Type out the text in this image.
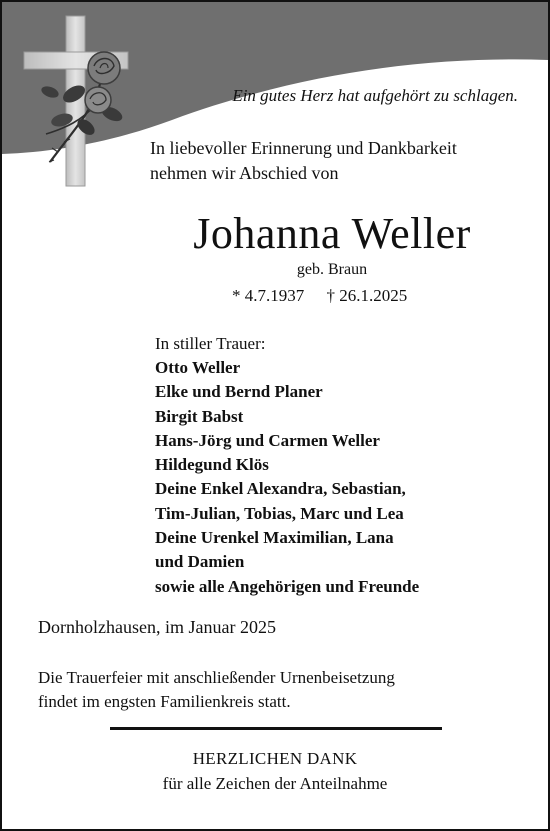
Ein gutes Herz hat aufgehört zu schlagen.
In liebevoller Erinnerung und Dankbarkeit
nehmen wir Abschied von
Johanna Weller
geb. Braun
* 4.7.1937 † 26.1.2025
In stiller Trauer:
Otto Weller
Elke und Bernd Planer
Birgit Babst
Hans-Jörg und Carmen Weller
Hildegund Klös
Deine Enkel Alexandra, Sebastian,
Tim-Julian, Tobias, Marc und Lea
Deine Urenkel Maximilian, Lana
und Damien
sowie alle Angehörigen und Freunde
Dornholzhausen, im Januar 2025
Die Trauerfeier mit anschließender Urnenbeisetzung
findet im engsten Familienkreis statt.
HERZLICHEN DANK
für alle Zeichen der Anteilnahme
